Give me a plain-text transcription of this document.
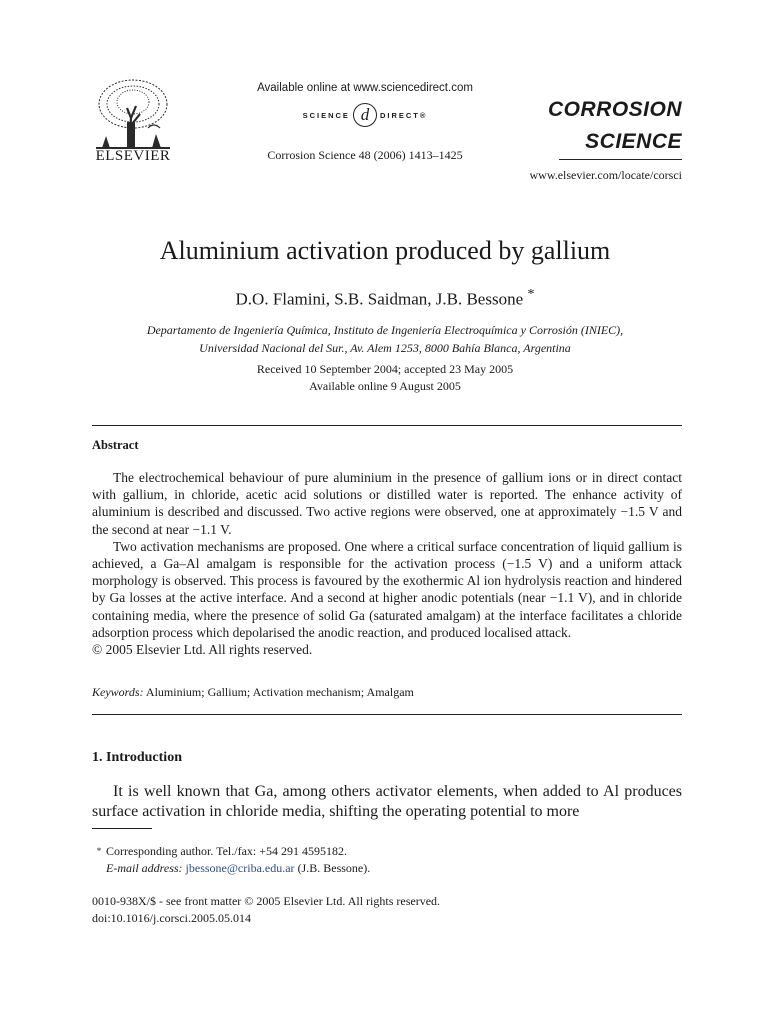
ELSEVIER
Available online at www.sciencedirect.com
SCIENCE d	DIRECT®
Corrosion Science 48 (2006) 1413–1425
CORROSION
SCIENCE
www.elsevier.com/locate/corsci
Aluminium activation produced by gallium
D.O. Flamini, S.B. Saidman, J.B. Bessone *
Departamento de Ingeniería Química, Instituto de Ingeniería Electroquímica y Corrosión (INIEC),
Universidad Nacional del Sur., Av. Alem 1253, 8000 Bahía Blanca, Argentina
Received 10 September 2004; accepted 23 May 2005
Available online 9 August 2005
Abstract

The electrochemical behaviour of pure aluminium in the presence of gallium ions or in direct contact with gallium, in chloride, acetic acid solutions or distilled water is reported. The enhance activity of aluminium is described and discussed. Two active regions were observed, one at approximately −1.5 V and the second at near −1.1 V.

Two activation mechanisms are proposed. One where a critical surface concentration of liquid gallium is achieved, a Ga–Al amalgam is responsible for the activation process (−1.5 V) and a uniform attack morphology is observed. This process is favoured by the exothermic Al ion hydrolysis reaction and hindered by Ga losses at the active interface. And a second at higher anodic potentials (near −1.1 V), and in chloride containing media, where the presence of solid Ga (saturated amalgam) at the interface facilitates a chloride adsorption process which depolarised the anodic reaction, and produced localised attack.

© 2005 Elsevier Ltd. All rights reserved.

Keywords: Aluminium; Gallium; Activation mechanism; Amalgam
1. Introduction

It is well known that Ga, among others activator elements, when added to Al produces surface activation in chloride media, shifting the operating potential to more

* Corresponding author. Tel./fax: +54 291 4595182.
E-mail address: jbessone@criba.edu.ar (J.B. Bessone).
0010-938X/$ - see front matter © 2005 Elsevier Ltd. All rights reserved.
doi:10.1016/j.corsci.2005.05.014
